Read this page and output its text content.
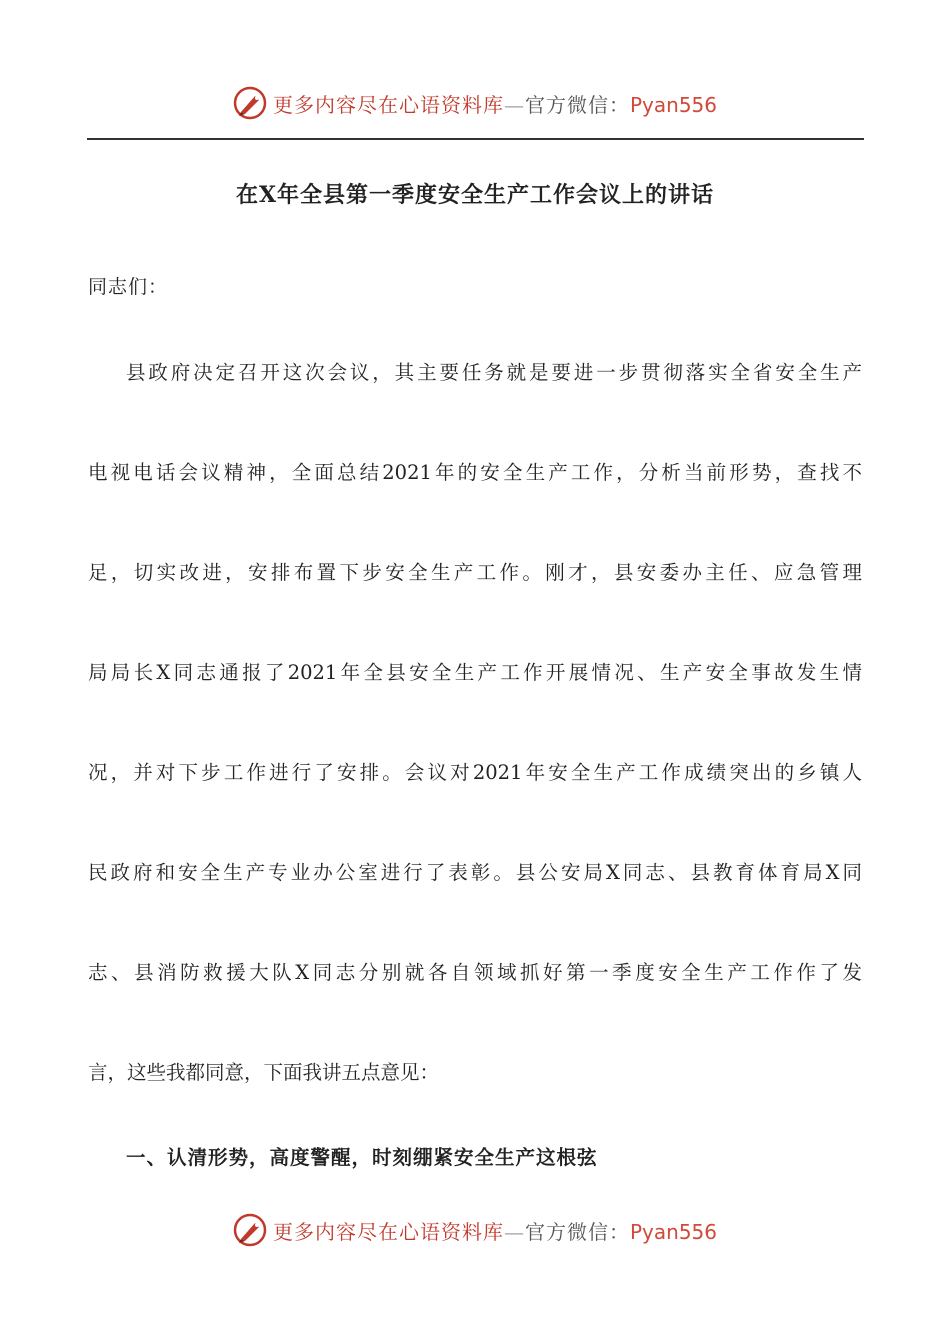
更多内容尽在心语资料库—官方微信：Pyan556
在X年全县第一季度安全生产工作会议上的讲话
同志们：
县政府决定召开这次会议，其主要任务就是要进一步贯彻落实全省安全生产
电视电话会议精神，全面总结2021年的安全生产工作，分析当前形势，查找不
足，切实改进，安排布置下步安全生产工作。刚才，县安委办主任、应急管理
局局长X同志通报了2021年全县安全生产工作开展情况、生产安全事故发生情
况，并对下步工作进行了安排。会议对2021年安全生产工作成绩突出的乡镇人
民政府和安全生产专业办公室进行了表彰。县公安局X同志、县教育体育局X同
志、县消防救援大队X同志分别就各自领域抓好第一季度安全生产工作作了发
言，这些我都同意，下面我讲五点意见：
一、认清形势，高度警醒，时刻绷紧安全生产这根弦
更多内容尽在心语资料库—官方微信：Pyan556
